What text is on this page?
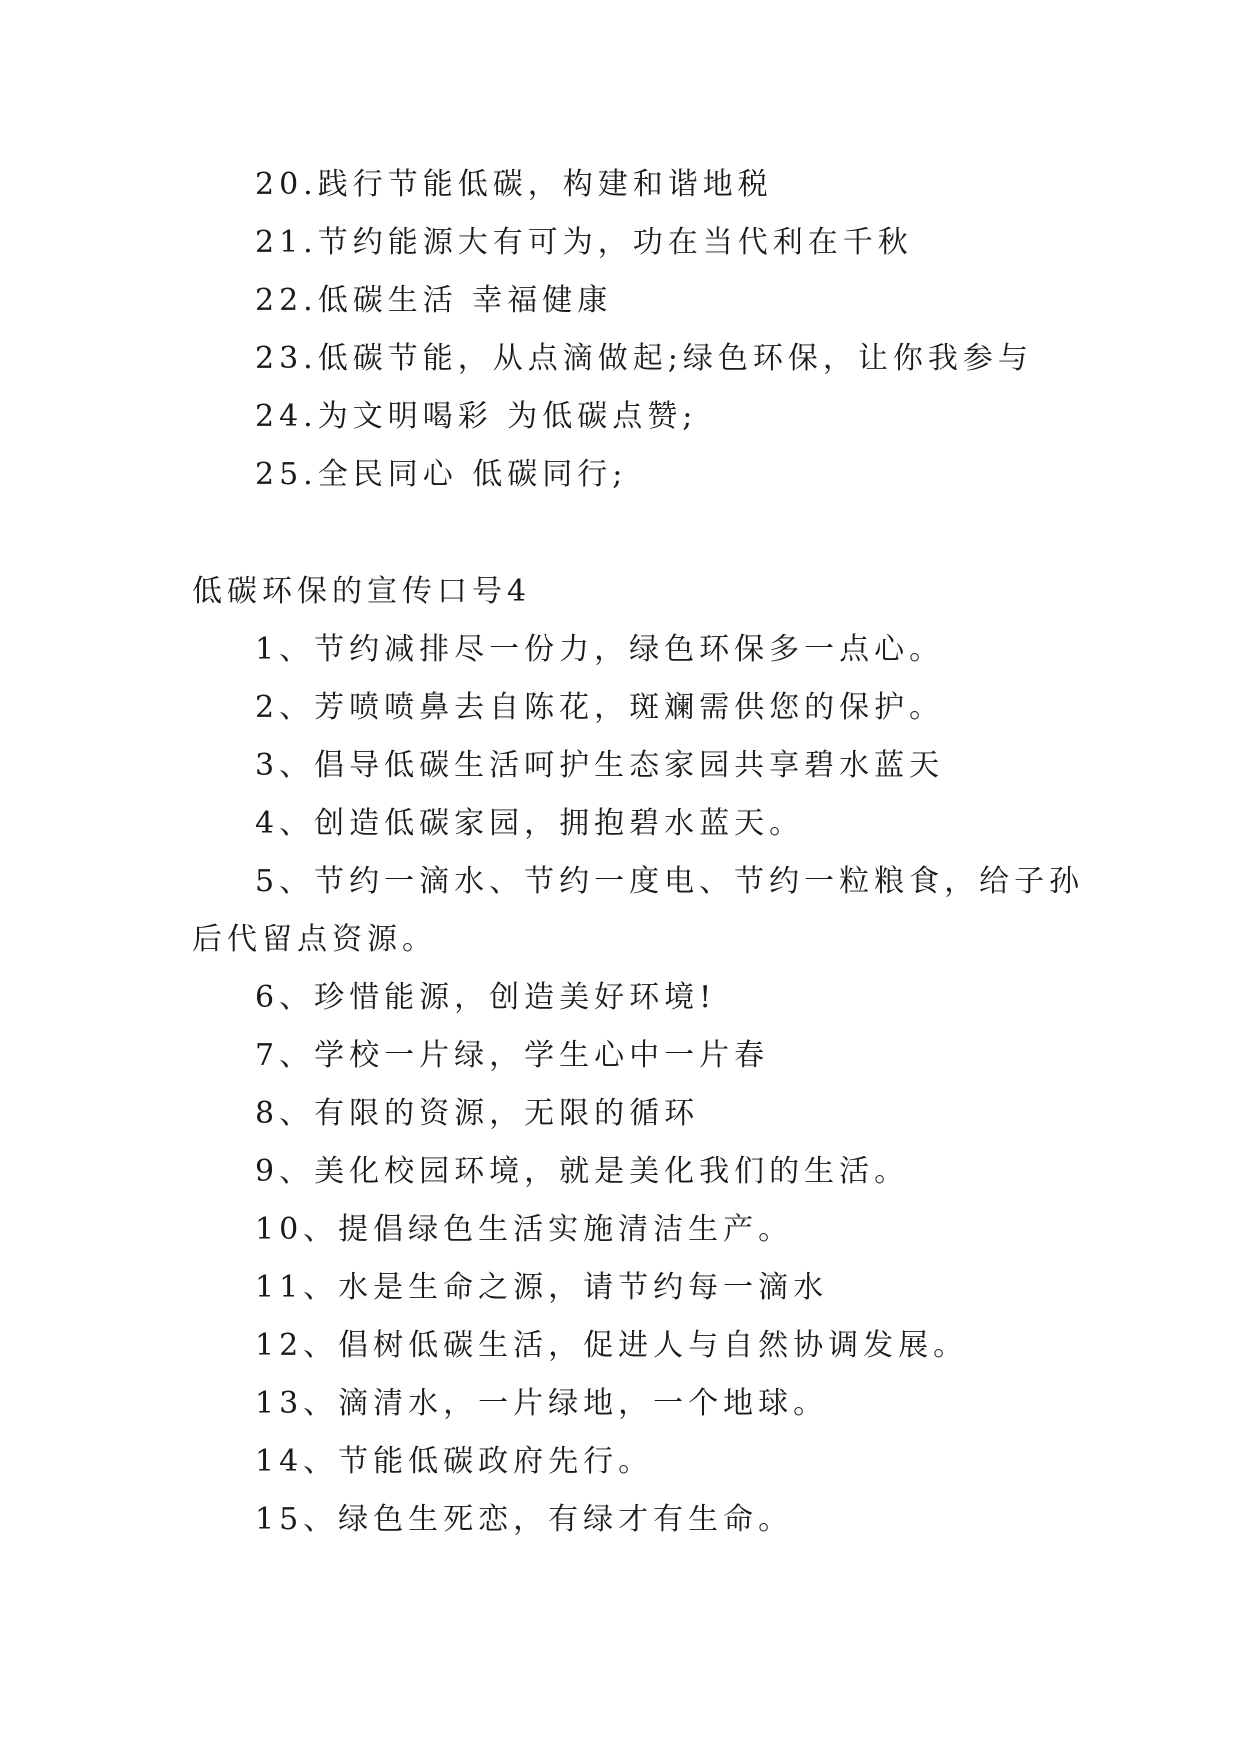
20.践行节能低碳，构建和谐地税
21.节约能源大有可为，功在当代利在千秋
22.低碳生活 幸福健康
23.低碳节能，从点滴做起;绿色环保，让你我参与
24.为文明喝彩 为低碳点赞;
25.全民同心 低碳同行;
低碳环保的宣传口号4
1、节约减排尽一份力，绿色环保多一点心。
2、芳喷喷鼻去自陈花，斑斓需供您的保护。
3、倡导低碳生活呵护生态家园共享碧水蓝天
4、创造低碳家园，拥抱碧水蓝天。
5、节约一滴水、节约一度电、节约一粒粮食，给子孙
后代留点资源。
6、珍惜能源，创造美好环境!
7、学校一片绿，学生心中一片春
8、有限的资源，无限的循环
9、美化校园环境，就是美化我们的生活。
10、提倡绿色生活实施清洁生产。
11、水是生命之源，请节约每一滴水
12、倡树低碳生活，促进人与自然协调发展。
13、滴清水，一片绿地，一个地球。
14、节能低碳政府先行。
15、绿色生死恋，有绿才有生命。
